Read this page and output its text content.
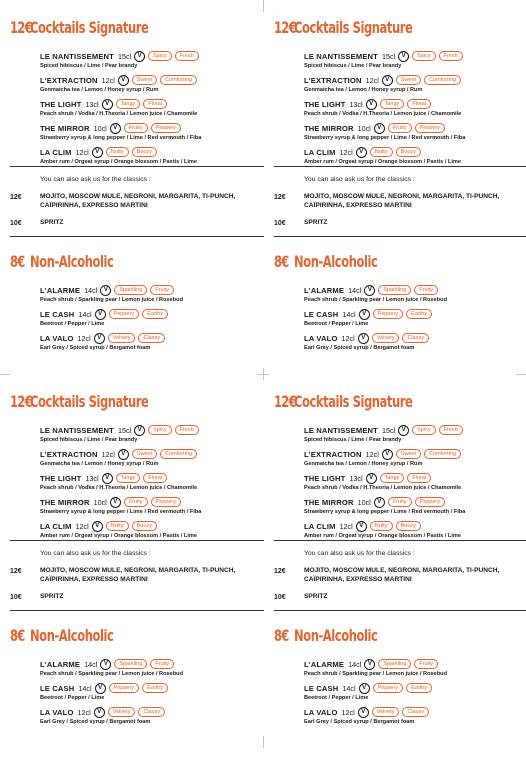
12€
Cocktails Signature
LE NANTISSEMENT 15cl	V	Spicy	Fresh
Spiced hibiscus / Lime / Pear brandy
L'EXTRACTION 12cl	V	Sweet	Comforting
Genmaicha tea / Lemon / Honey syrup / Rum
THE LIGHT 13cl	V	Tangy	Floral
Peach shrub / Vodka / H.Theoria / Lemon juice / Chamomile
THE MIRROR 10cl	V	Fruity	Peppery
Strawberry syrup & long pepper / Lime / Red vermouth / Fiba
LA CLIM 12cl	V	Nutty	Boozy
Amber rum / Orgeat syrup / Orange blossom / Pastis / Lime
You can also ask us for the classics :
12€	MOJITO, MOSCOW MULE, NEGRONI, MARGARITA, TI-PUNCH, CAÏPIRINHA, EXPRESSO MARTINI
10€	SPRITZ
8€ Non-Alcoholic
L'ALARME 14cl	V	Sparkling	Fruity
Peach shrub / Sparkling pear / Lemon juice / Rosebud
LE CASH 14cl	V	Peppery	Earthy
Beetroot / Pepper / Lime
LA VALO 12cl	V	Velvety	Classy
Earl Grey / Spiced syrup / Bergamot foam
12€
Cocktails Signature
LE NANTISSEMENT 15cl	V	Spicy	Fresh
Spiced hibiscus / Lime / Pear brandy
L'EXTRACTION 12cl	V	Sweet	Comforting
Genmaicha tea / Lemon / Honey syrup / Rum
THE LIGHT 13cl	V	Tangy	Floral
Peach shrub / Vodka / H.Theoria / Lemon juice / Chamomile
THE MIRROR 10cl	V	Fruity	Peppery
Strawberry syrup & long pepper / Lime / Red vermouth / Fiba
LA CLIM 12cl	V	Nutty	Boozy
Amber rum / Orgeat syrup / Orange blossom / Pastis / Lime
You can also ask us for the classics :
12€	MOJITO, MOSCOW MULE, NEGRONI, MARGARITA, TI-PUNCH, CAÏPIRINHA, EXPRESSO MARTINI
10€	SPRITZ
8€ Non-Alcoholic
L'ALARME 14cl	V	Sparkling	Fruity
Peach shrub / Sparkling pear / Lemon juice / Rosebud
LE CASH 14cl	V	Peppery	Earthy
Beetroot / Pepper / Lime
LA VALO 12cl	V	Velvety	Classy
Earl Grey / Spiced syrup / Bergamot foam
12€
Cocktails Signature
LE NANTISSEMENT 15cl	V	Spicy	Fresh
Spiced hibiscus / Lime / Pear brandy
L'EXTRACTION 12cl	V	Sweet	Comforting
Genmaicha tea / Lemon / Honey syrup / Rum
THE LIGHT 13cl	V	Tangy	Floral
Peach shrub / Vodka / H.Theoria / Lemon juice / Chamomile
THE MIRROR 10cl	V	Fruity	Peppery
Strawberry syrup & long pepper / Lime / Red vermouth / Fiba
LA CLIM 12cl	V	Nutty	Boozy
Amber rum / Orgeat syrup / Orange blossom / Pastis / Lime
You can also ask us for the classics :
12€	MOJITO, MOSCOW MULE, NEGRONI, MARGARITA, TI-PUNCH, CAÏPIRINHA, EXPRESSO MARTINI
10€	SPRITZ
8€ Non-Alcoholic
L'ALARME 14cl	V	Sparkling	Fruity
Peach shrub / Sparkling pear / Lemon juice / Rosebud
LE CASH 14cl	V	Peppery	Earthy
Beetroot / Pepper / Lime
LA VALO 12cl	V	Velvety	Classy
Earl Grey / Spiced syrup / Bergamot foam
12€
Cocktails Signature
LE NANTISSEMENT 15cl	V	Spicy	Fresh
Spiced hibiscus / Lime / Pear brandy
L'EXTRACTION 12cl	V	Sweet	Comforting
Genmaicha tea / Lemon / Honey syrup / Rum
THE LIGHT 13cl	V	Tangy	Floral
Peach shrub / Vodka / H.Theoria / Lemon juice / Chamomile
THE MIRROR 10cl	V	Fruity	Peppery
Strawberry syrup & long pepper / Lime / Red vermouth / Fiba
LA CLIM 12cl	V	Nutty	Boozy
Amber rum / Orgeat syrup / Orange blossom / Pastis / Lime
You can also ask us for the classics :
12€	MOJITO, MOSCOW MULE, NEGRONI, MARGARITA, TI-PUNCH, CAÏPIRINHA, EXPRESSO MARTINI
10€	SPRITZ
8€ Non-Alcoholic
L'ALARME 14cl	V	Sparkling	Fruity
Peach shrub / Sparkling pear / Lemon juice / Rosebud
LE CASH 14cl	V	Peppery	Earthy
Beetroot / Pepper / Lime
LA VALO 12cl	V	Velvety	Classy
Earl Grey / Spiced syrup / Bergamot foam
